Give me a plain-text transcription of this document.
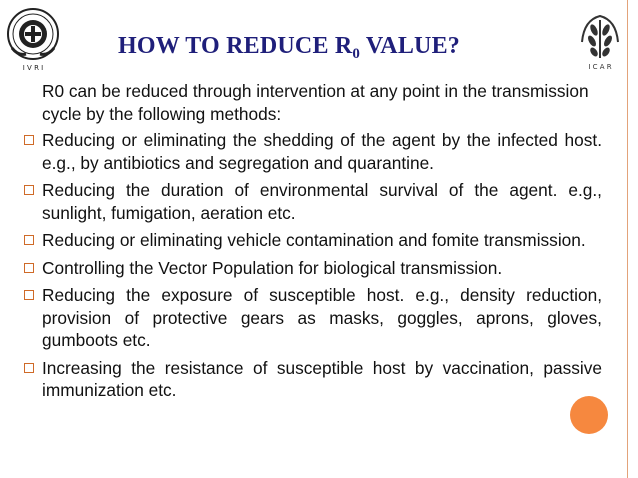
I V R I	I C A R
HOW TO REDUCE $R_0$ VALUE?
R0 can be reduced through intervention at any point in the transmission cycle by the following methods:
Reducing or eliminating the shedding of the agent by the infected host. e.g., by antibiotics and segregation and quarantine.
Reducing the duration of environmental survival of the agent. e.g., sunlight, fumigation, aeration etc.
Reducing or eliminating vehicle contamination and fomite transmission.
Controlling the Vector Population for biological transmission.
Reducing the exposure of susceptible host. e.g., density reduction, provision of protective gears as masks, goggles, aprons, gloves, gumboots etc.
Increasing the resistance of susceptible host by vaccination, passive immunization etc.
